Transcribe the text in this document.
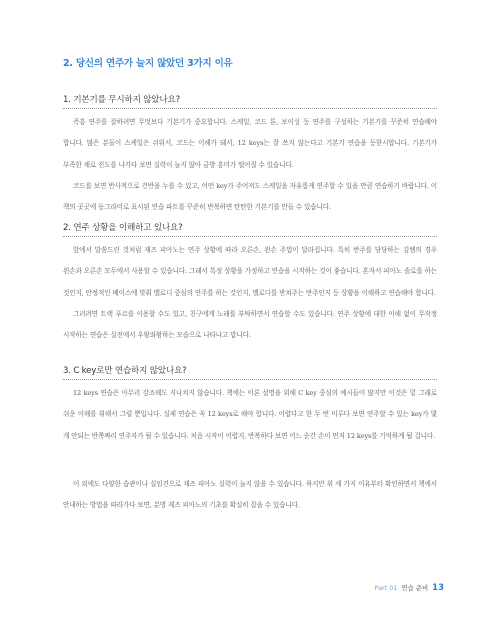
2. 당신의 연주가 늘지 않았던 3가지 이유
1. 기본기를 무시하지 않았나요?
즉흥 연주를 잘하려면 무엇보다 기본기가 중요합니다. 스케일, 코드 톤, 보이싱 등 연주를 구성하는 기본기를 꾸준히 연습해야 합니다. 많은 분들이 스케일은 쉬워서, 코드는 이해가 돼서, 12 keys는 잘 쓰지 않는다고 기본기 연습을 등한시합니다. 기본기가 부족한 채로 진도를 나가다 보면 실력이 늘지 않아 금방 흥미가 떨어질 수 있습니다.
코드를 보면 반사적으로 건반을 누를 수 있고, 어떤 key가 주어져도 스케일을 자유롭게 연주할 수 있을 만큼 연습하기 바랍니다. 이 책의 곳곳에 동그라미로 표시된 연습 파트를 꾸준히 반복하면 탄탄한 기본기를 만들 수 있습니다.
2. 연주 상황을 이해하고 있나요?
앞에서 말씀드린 것처럼 재즈 피아노는 연주 상황에 따라 오른손, 왼손 주법이 달라집니다. 특히 반주를 담당하는 김쌤의 경우 왼손과 오른손 모두에서 사용할 수 있습니다. 그래서 특정 상황을 가정하고 연습을 시작하는 것이 좋습니다. 혼자서 피아노 솔로를 하는 것인지, 안정적인 베이스에 맞춰 멜로디 중심의 연주를 하는 것인지, 멜로디를 받쳐주는 반주인지 등 상황을 이해하고 연습해야 합니다.
그러려면 트랙 푸르를 이용할 수도 있고, 친구에게 노래를 부탁하면서 연습할 수도 있습니다. 연주 상황에 대한 이해 없이 무작정 시작하는 연습은 실전에서 우왕좌왕하는 모습으로 나타나고 맙니다.
3. C key로만 연습하지 않았나요?
12 keys 연습은 아무리 강조해도 지나치지 않습니다. 책에는 이론 설명을 위해 C key 중심의 예시들이 많지만 이것은 밑 그래로 쉬운 이해를 위해서 그럴 뿐입니다. 실제 연습은 꼭 12 keys로 해야 합니다. 어렵다고 한 두 번 미루다 보면 연주할 수 있는 key가 몇 개 안되는 반쪽짜리 연주자가 될 수 있습니다. 처음 시작이 어렵지, 반복하다 보면 어느 순간 손이 먼저 12 keys를 기억하게 될 겁니다.
이 외에도 다양한 습관이나 실임견으로 재즈 피아노 실력이 늘지 않을 수 있습니다. 하지만 위 세 가지 이유부터 확인하면서 책에서 안내하는 방법을 따라가다 보면, 분명 재즈 피아노의 기초를 확실히 잡을 수 있습니다.
Part 01 연습 준비 13
